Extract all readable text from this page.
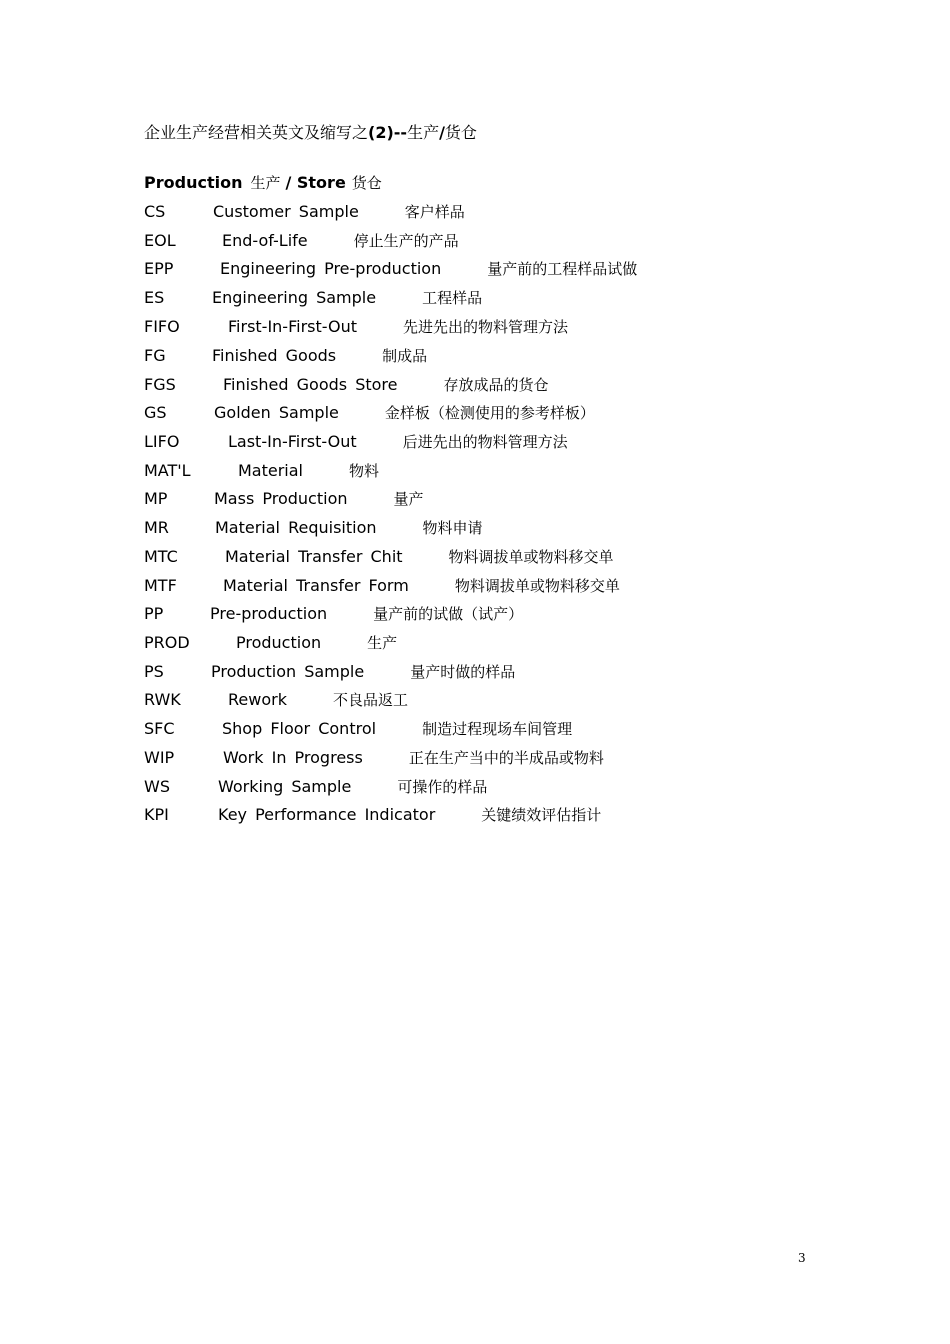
企业生产经营相关英文及缩写之(2)--生产/货仓
Production 生产 / Store 货仓
CS	Customer Sample	客户样品
EOL	End-of-Life	停止生产的产品
EPP	Engineering Pre-production	量产前的工程样品试做
ES	Engineering Sample	工程样品
FIFO	First-In-First-Out	先进先出的物料管理方法
FG	Finished Goods	制成品
FGS	Finished Goods Store	存放成品的货仓
GS	Golden Sample	金样板（检测使用的参考样板）
LIFO	Last-In-First-Out	后进先出的物料管理方法
MAT'L	Material	物料
MP	Mass Production	量产
MR	Material Requisition	物料申请
MTC	Material Transfer Chit	物料调拔单或物料移交单
MTF	Material Transfer Form	物料调拔单或物料移交单
PP	Pre-production	量产前的试做（试产）
PROD	Production	生产
PS	Production Sample	量产时做的样品
RWK	Rework	不良品返工
SFC	Shop Floor Control	制造过程现场车间管理
WIP	Work In Progress	正在生产当中的半成品或物料
WS	Working Sample	可操作的样品
KPI	Key Performance Indicator	关键绩效评估指计
3
